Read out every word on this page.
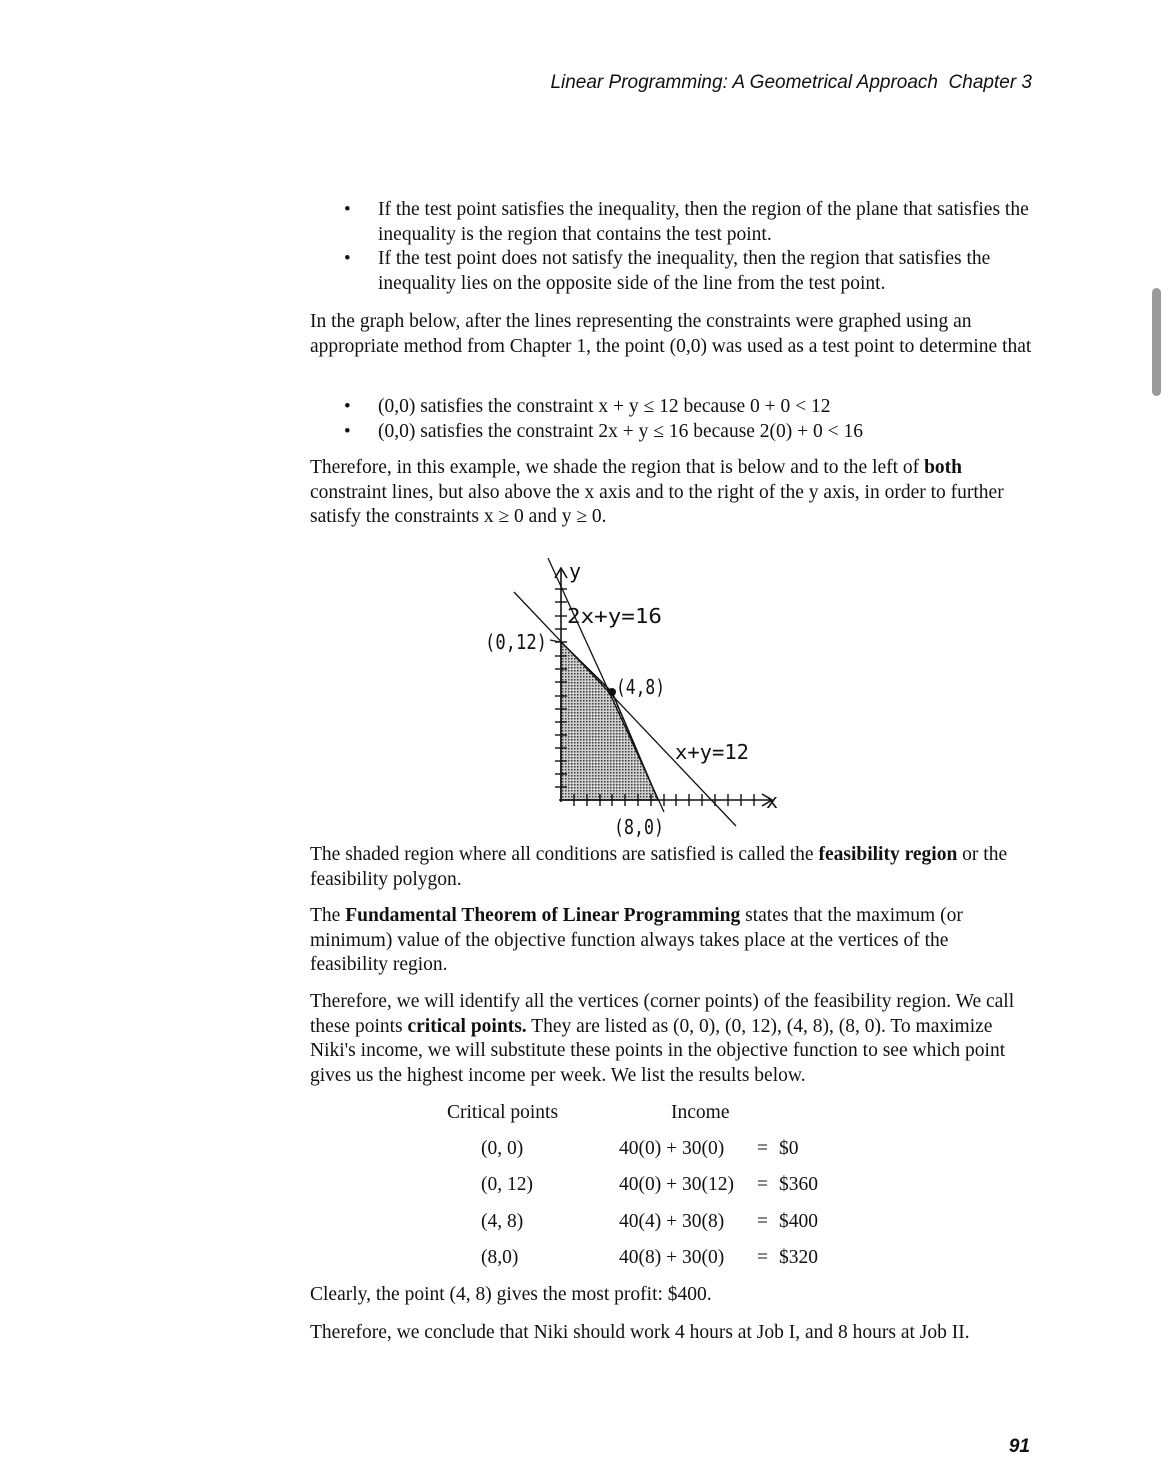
Linear Programming: A Geometrical Approach  Chapter 3
• If the test point satisfies the inequality, then the region of the plane that satisfies the inequality is the region that contains the test point.
• If the test point does not satisfy the inequality, then the region that satisfies the inequality lies on the opposite side of the line from the test point.
In the graph below, after the lines representing the constraints were graphed using an appropriate method from Chapter 1, the point (0,0) was used as a test point to determine that
• (0,0) satisfies the constraint x + y ≤ 12 because 0 + 0 < 12
• (0,0) satisfies the constraint 2x + y ≤ 16 because 2(0) + 0 < 16
Therefore, in this example, we shade the region that is below and to the left of both constraint lines, but also above the x axis and to the right of the y axis, in order to further satisfy the constraints x ≥ 0 and y ≥ 0.
y
x
2x+y=16
x+y=12
(0,12)
(4,8)
(8,0)
The shaded region where all conditions are satisfied is called the feasibility region or the feasibility polygon.
The Fundamental Theorem of Linear Programming states that the maximum (or minimum) value of the objective function always takes place at the vertices of the feasibility region.
Therefore, we will identify all the vertices (corner points) of the feasibility region. We call these points critical points. They are listed as (0, 0), (0, 12), (4, 8), (8, 0). To maximize Niki's income, we will substitute these points in the objective function to see which point gives us the highest income per week. We list the results below.
Critical points	Income
(0, 0)	40(0) + 30(0) = $0
(0, 12)	40(0) + 30(12) = $360
(4, 8)	40(4) + 30(8) = $400
(8,0)	40(8) + 30(0) = $320
Clearly, the point (4, 8) gives the most profit: $400.
Therefore, we conclude that Niki should work 4 hours at Job I, and 8 hours at Job II.
91
